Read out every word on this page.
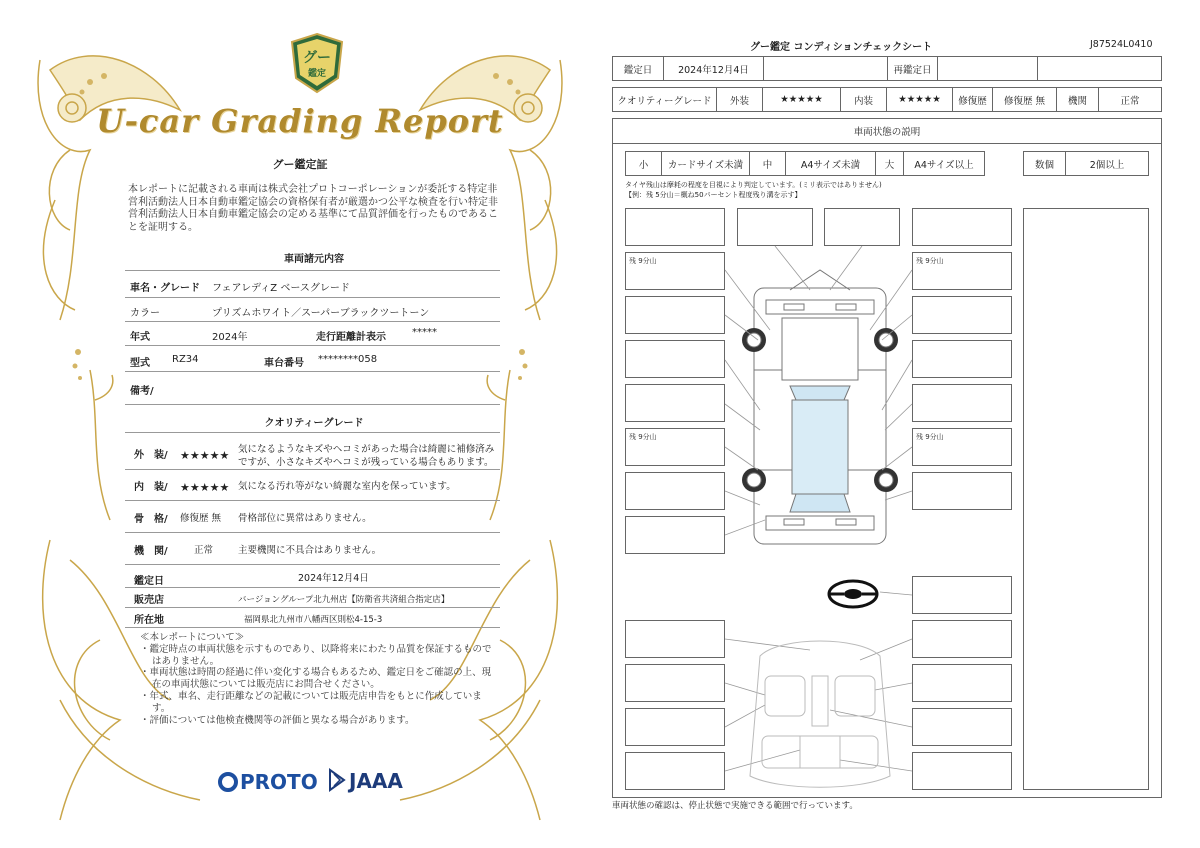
グー
鑑定
U-car Grading Report
グー鑑定証
本レポートに記載される車両は株式会社プロトコーポレーションが委託する特定非営利活動法人日本自動車鑑定協会の資格保有者が厳選かつ公平な検査を行い特定非営利活動法人日本自動車鑑定協会の定める基準にて品質評価を行ったものであることを証明する。
車両諸元内容
車名・グレード フェアレディZ ベースグレード
カラー	プリズムホワイト／スーパーブラックツートーン
年式	2024年	走行距離計表示	*****
型式 RZ34	車台番号 ********058
備考/
クオリティーグレード
外　装/ ★★★★★ 気になるようなキズやヘコミがあった場合は綺麗に補修済み
ですが、小さなキズやヘコミが残っている場合もあります。
内　装/ ★★★★★ 気になる汚れ等がない綺麗な室内を保っています。
骨　格/ 修復歴 無 骨格部位に異常はありません。
機　関/	正常	主要機関に不具合はありません。
鑑定日	2024年12月4日
販売店	バージョングループ北九州店【防衛省共済組合指定店】
所在地	福岡県北九州市八幡西区則松4-15-3
≪本レポートについて≫
・鑑定時点の車両状態を示すものであり、以降将来にわたり品質を保証するものではありません。
・車両状態は時間の経過に伴い変化する場合もあるため、鑑定日をご確認の上、現在の車両状態については販売店にお問合せください。
・年式、車名、走行距離などの記載については販売店申告をもとに作成しています。
・評価については他検査機関等の評価と異なる場合があります。
PROTO	JAAA
グー鑑定 コンディションチェックシート	J87524L0410
鑑定日	2024年12月4日	再鑑定日
クオリティーグレード	外装	★★★★★	内装	★★★★★	修復歴	修復歴 無	機関	正常
車両状態の説明
小	カードサイズ未満	中	A4サイズ未満	大	A4サイズ以上	数個	2個以上
タイヤ残山は摩耗の程度を目視により判定しています。(ミリ表示ではありません)
【例：残 5分山＝概ね50パーセント程度残り溝を示す】
残 9分山
残 9分山
残 9分山
残 9分山
車両状態の確認は、停止状態で実施できる範囲で行っています。
